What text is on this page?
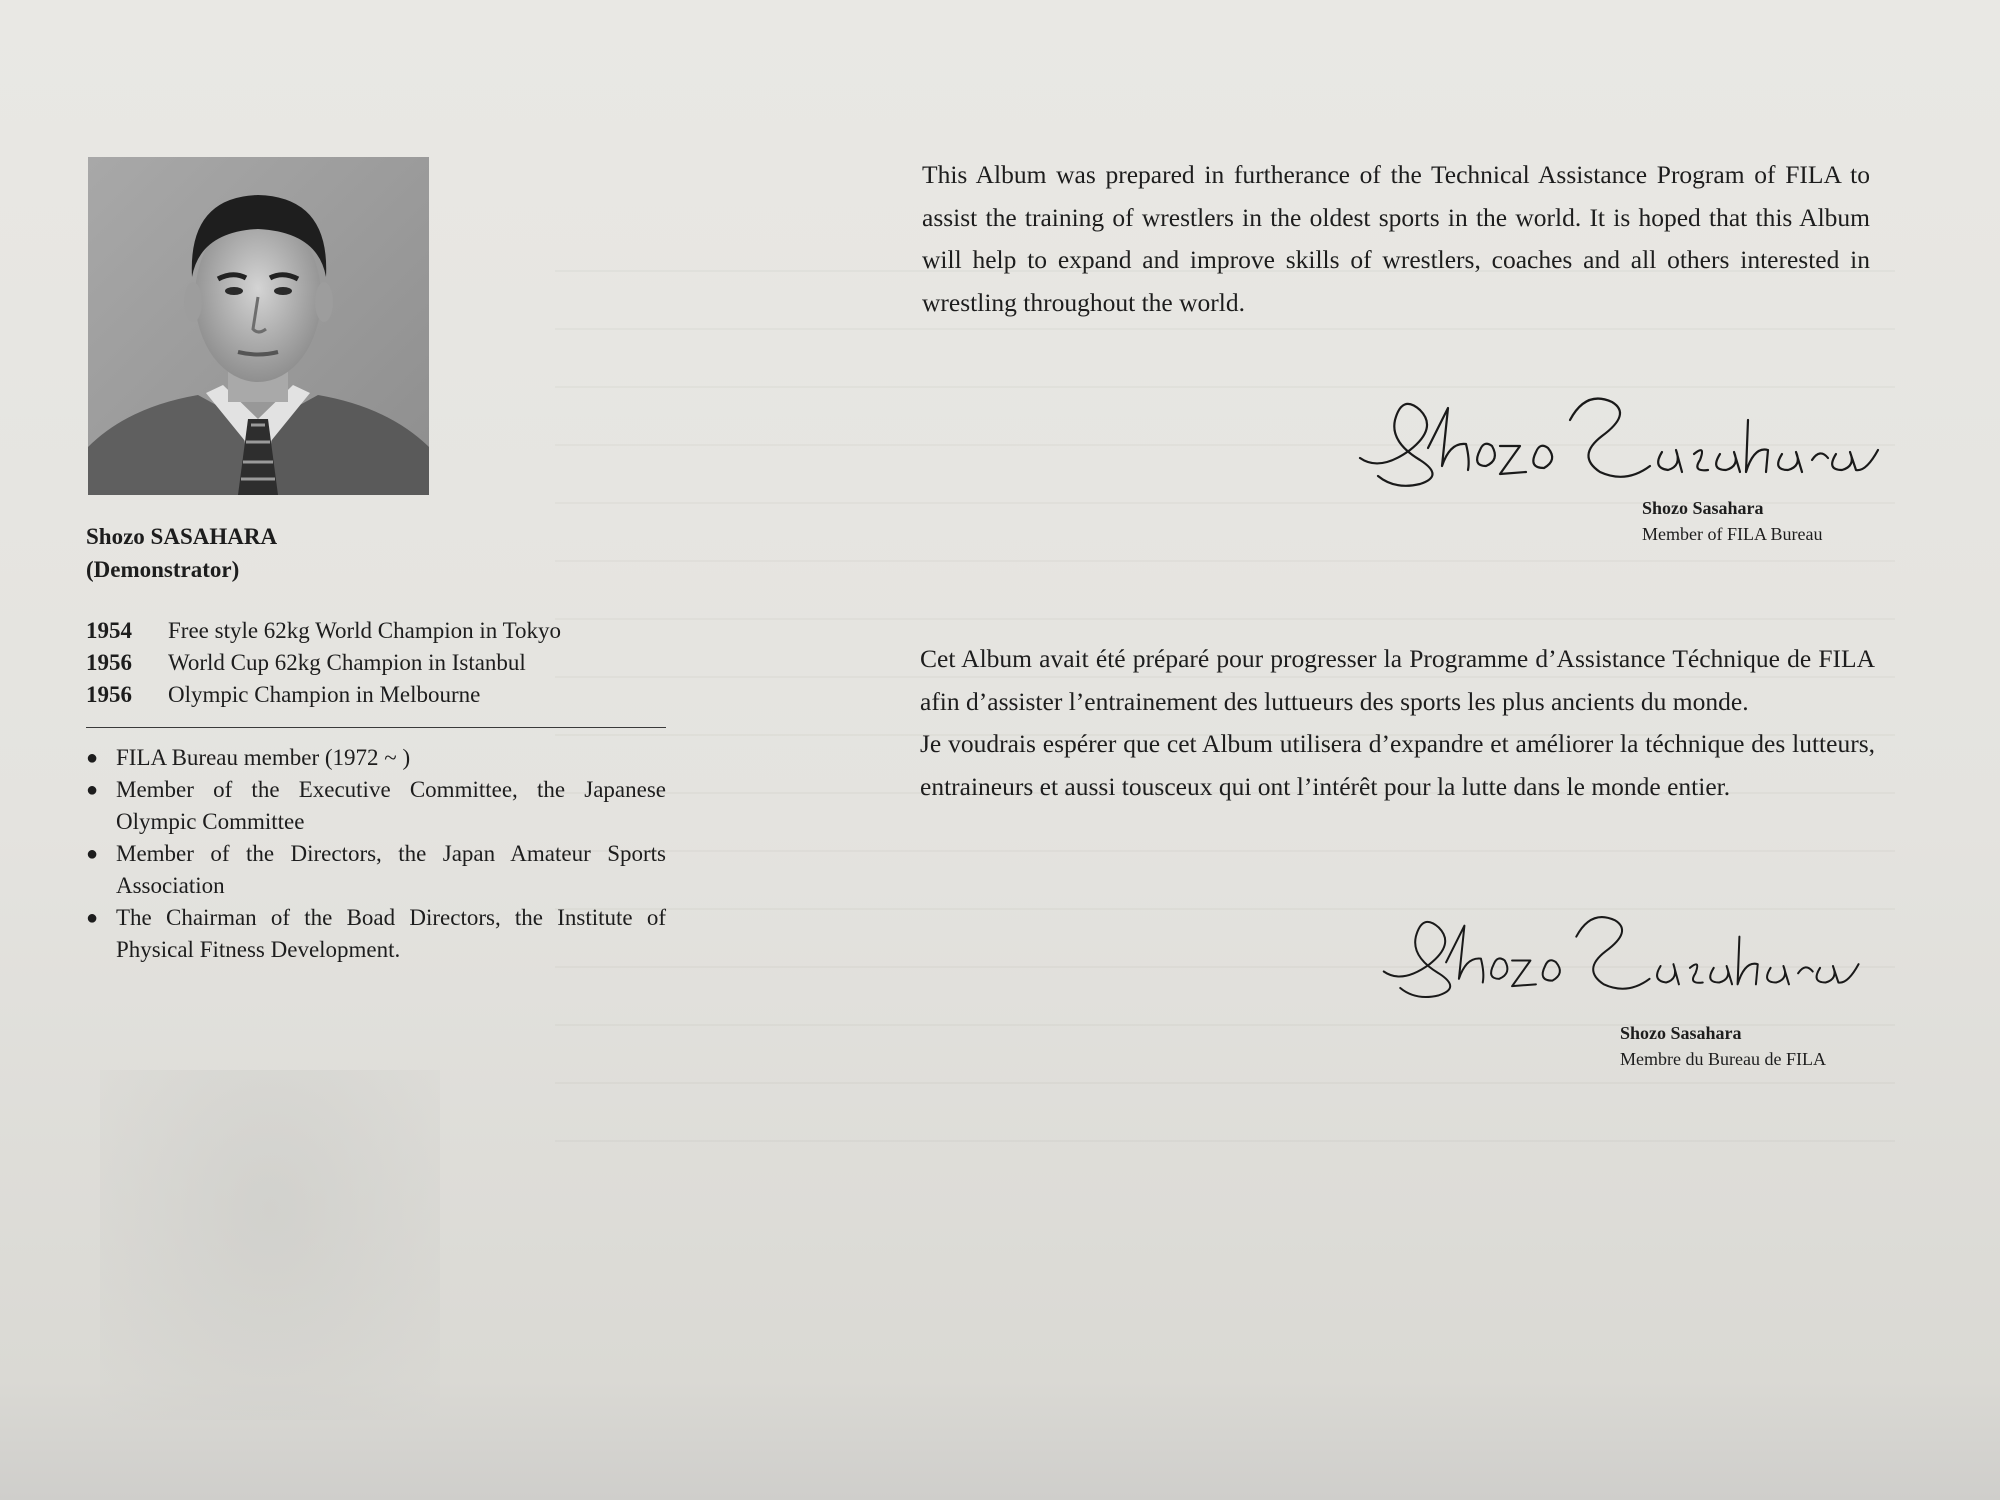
Shozo SASAHARA
(Demonstrator)
1954	Free style 62kg World Champion in Tokyo
1956	World Cup 62kg Champion in Istanbul
1956	Olympic Champion in Melbourne
● FILA Bureau member (1972 ~ )
● Member of the Executive Committee, the Japanese Olympic Committee
● Member of the Directors, the Japan Amateur Sports Association
● The Chairman of the Boad Directors, the Institute of Physical Fitness Development.
This Album was prepared in furtherance of the Technical Assistance Program of FILA to assist the training of wrestlers in the oldest sports in the world. It is hoped that this Album will help to expand and improve skills of wrestlers, coaches and all others interested in wrestling throughout the world.
Shozo Sasahara
Member of FILA Bureau
Cet Album avait été préparé pour progresser la Programme d’Assistance Téchnique de FILA afin d’assister l’entrainement des luttueurs des sports les plus ancients du monde.
Je voudrais espérer que cet Album utilisera d’expandre et améliorer la téchnique des lutteurs, entraineurs et aussi tousceux qui ont l’intérêt pour la lutte dans le monde entier.
Shozo Sasahara
Membre du Bureau de FILA
